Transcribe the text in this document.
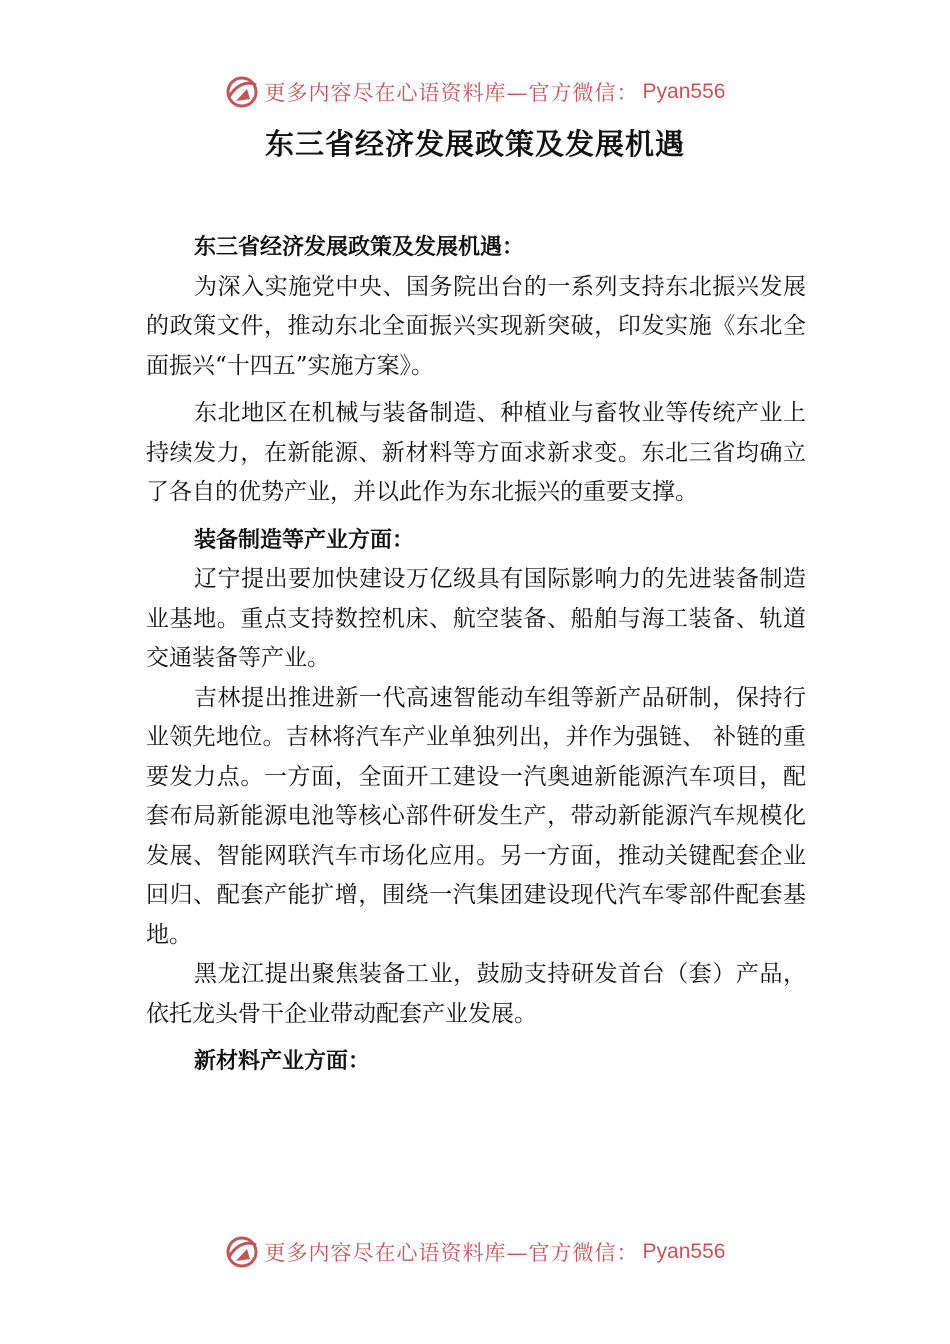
更多内容尽在心语资料库—官方微信： Pyan556
东三省经济发展政策及发展机遇

东三省经济发展政策及发展机遇：

为深入实施党中央、国务院出台的一系列支持东北振兴发展的政策文件，推动东北全面振兴实现新突破，印发实施《东北全面振兴“十四五”实施方案》。

东北地区在机械与装备制造、种植业与畜牧业等传统产业上持续发力，在新能源、新材料等方面求新求变。东北三省均确立了各自的优势产业，并以此作为东北振兴的重要支撑。

装备制造等产业方面：

辽宁提出要加快建设万亿级具有国际影响力的先进装备制造业基地。重点支持数控机床、航空装备、船舶与海工装备、轨道交通装备等产业。

吉林提出推进新一代高速智能动车组等新产品研制，保持行业领先地位。吉林将汽车产业单独列出，并作为强链、 补链的重要发力点。一方面，全面开工建设一汽奥迪新能源汽车项目，配套布局新能源电池等核心部件研发生产，带动新能源汽车规模化发展、智能网联汽车市场化应用。另一方面，推动关键配套企业回归、配套产能扩增，围绕一汽集团建设现代汽车零部件配套基地。

黑龙江提出聚焦装备工业，鼓励支持研发首台（套）产品，依托龙头骨干企业带动配套产业发展。

新材料产业方面：

更多内容尽在心语资料库—官方微信： Pyan556
